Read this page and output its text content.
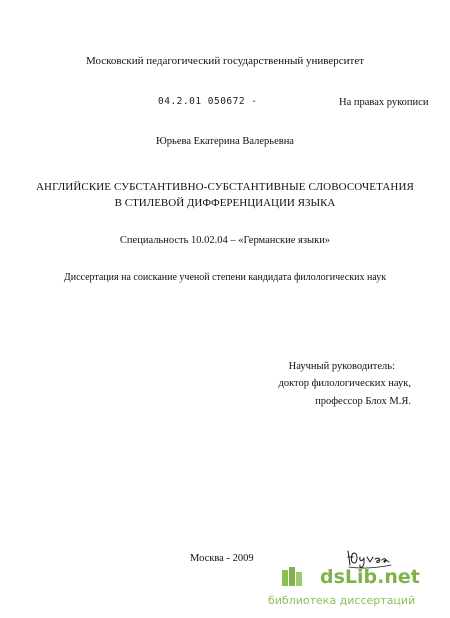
Московский педагогический государственный университет
04.2.01 050672 -	На правах рукописи
Юрьева Екатерина Валерьевна
АНГЛИЙСКИЕ СУБСТАНТИВНО-СУБСТАНТИВНЫЕ СЛОВОСОЧЕТАНИЯ
В СТИЛЕВОЙ ДИФФЕРЕНЦИАЦИИ ЯЗЫКА
Специальность 10.02.04 – «Германские языки»
Диссертация на соискание ученой степени кандидата филологических наук
Научный руководитель:
доктор филологических наук,
профессор Блох М.Я.
Москва - 2009
dsLib.net
библиотека диссертаций
